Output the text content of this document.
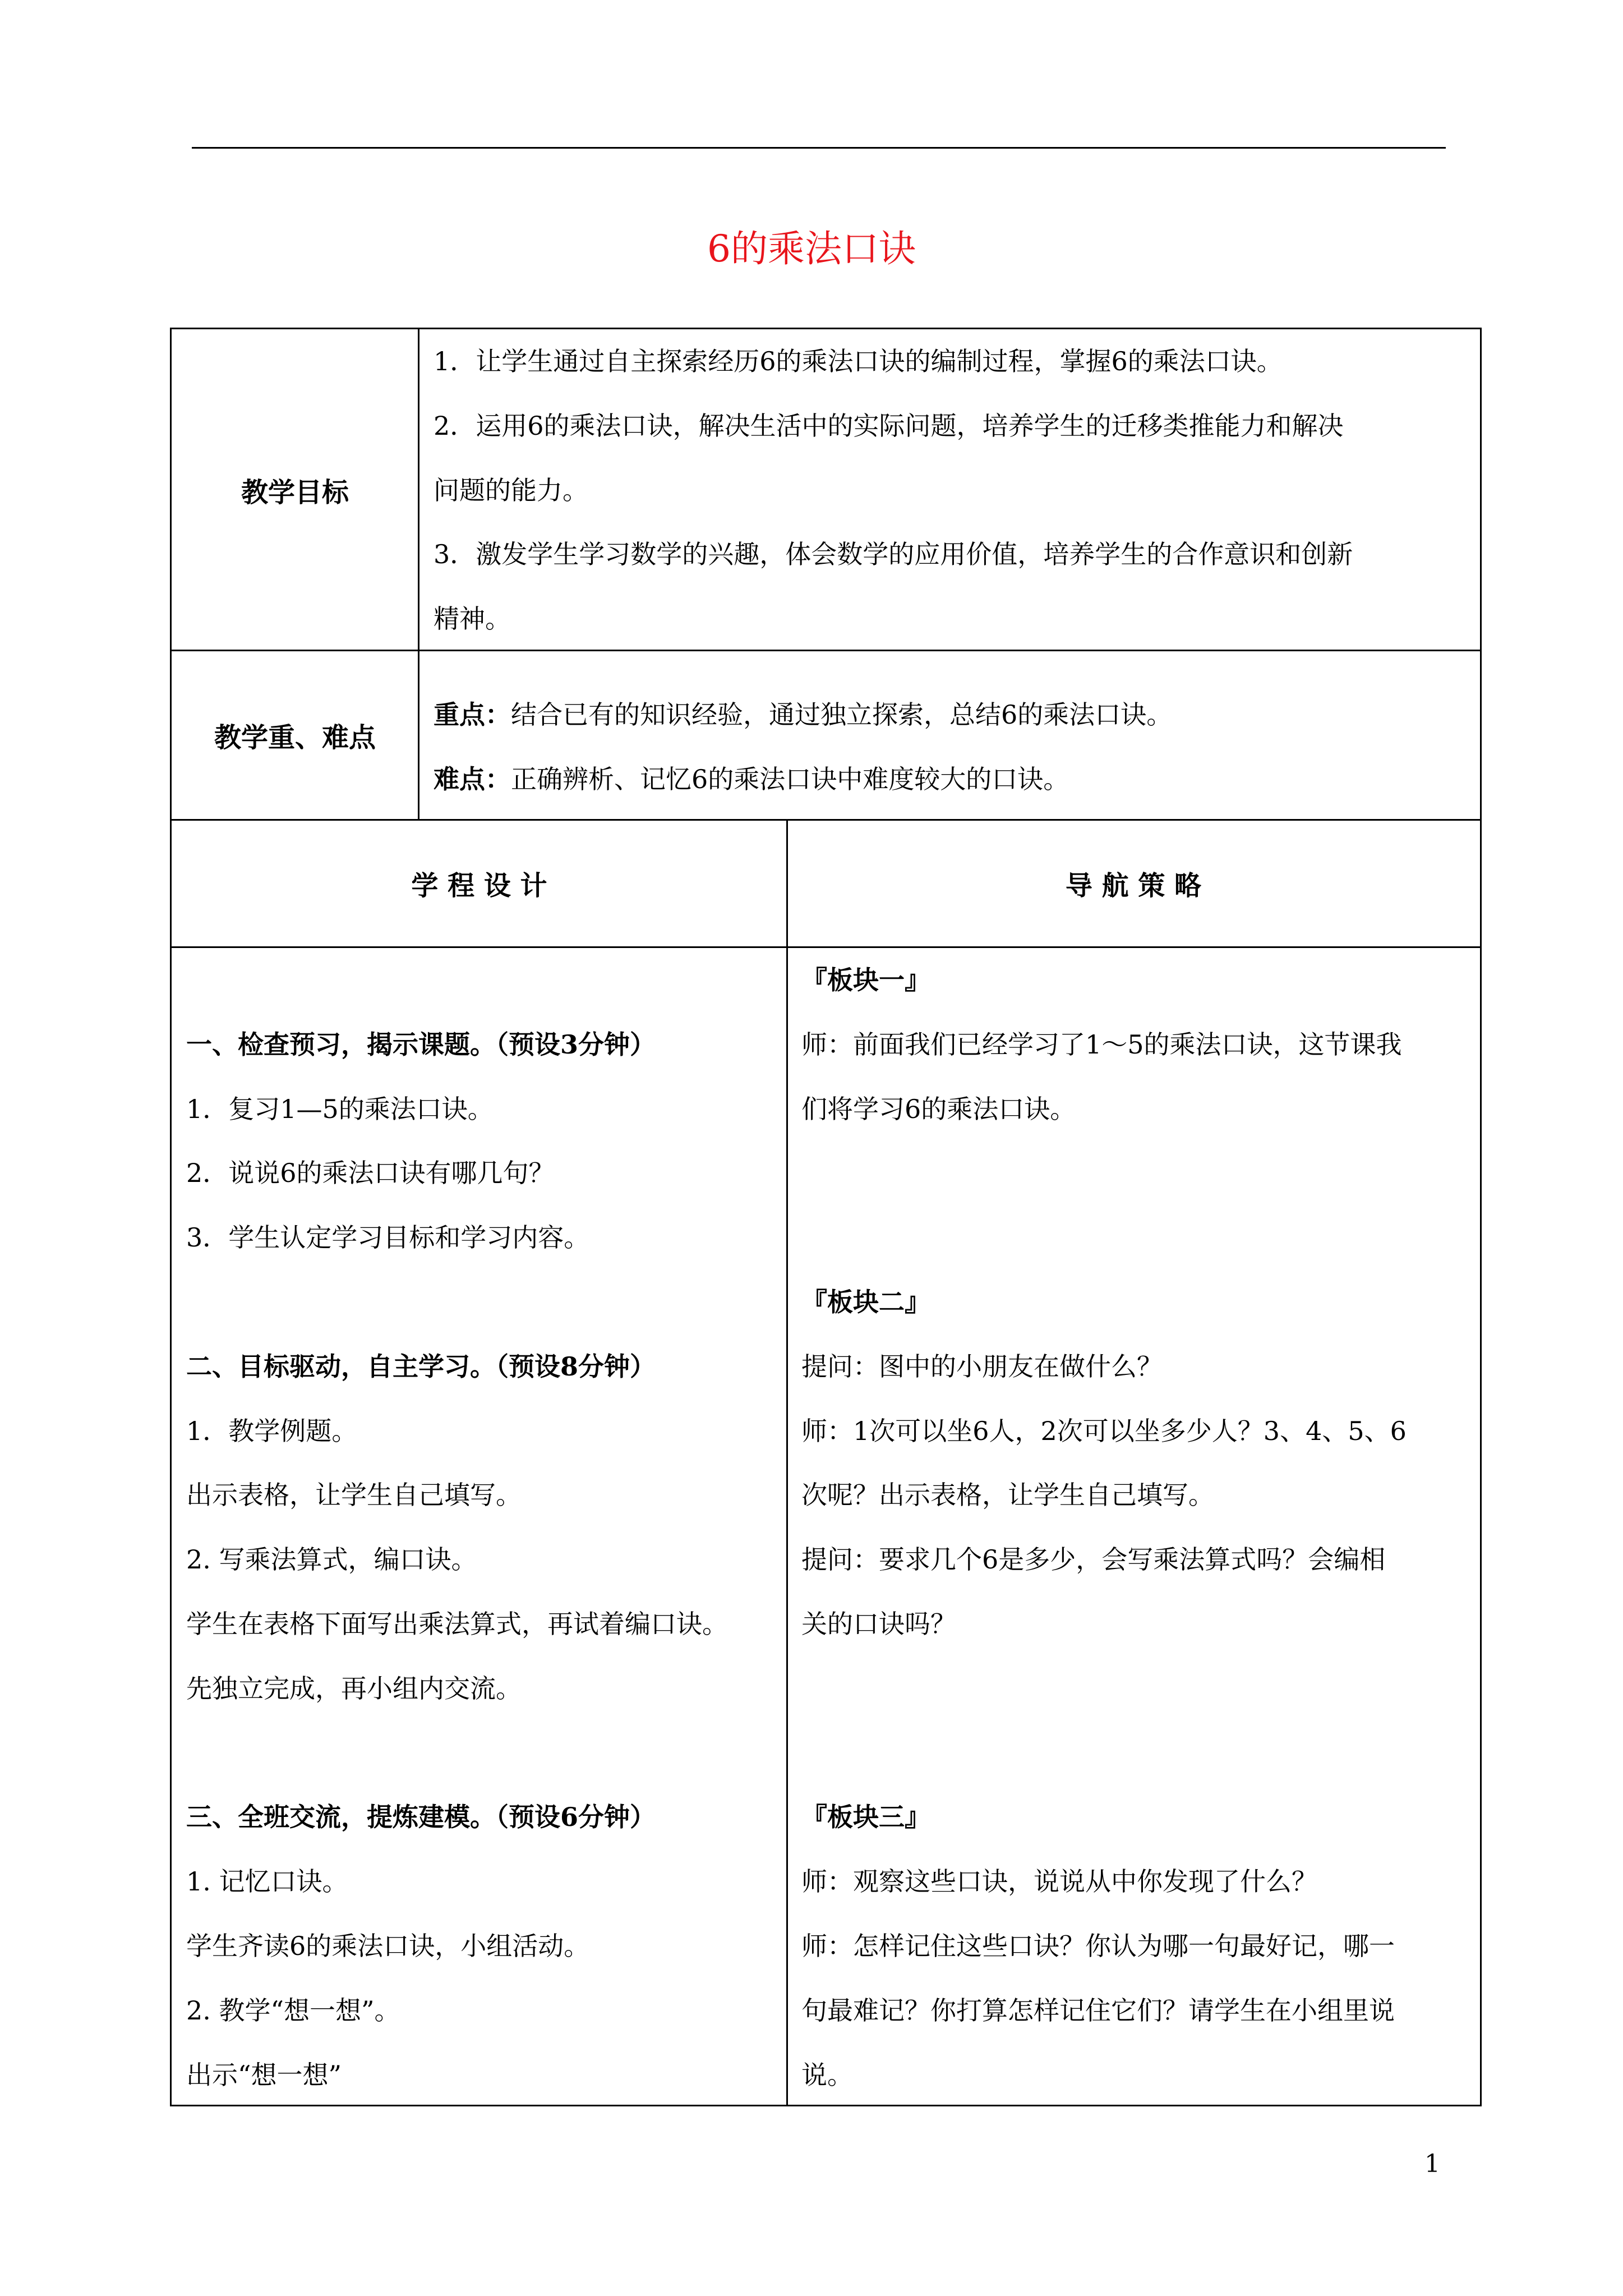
6的乘法口诀
教学目标
1．让学生通过自主探索经历6的乘法口诀的编制过程，掌握6的乘法口诀。
2．运用6的乘法口诀，解决生活中的实际问题，培养学生的迁移类推能力和解决
问题的能力。
3．激发学生学习数学的兴趣，体会数学的应用价值，培养学生的合作意识和创新
精神。
教学重、难点
重点：结合已有的知识经验，通过独立探索，总结6的乘法口诀。
难点：正确辨析、记忆6的乘法口诀中难度较大的口诀。
学 程 设 计	导 航 策 略
一、检查预习，揭示课题。（预设3分钟）
1．复习1—5的乘法口诀。
2．说说6的乘法口诀有哪几句？
3．学生认定学习目标和学习内容。
二、目标驱动，自主学习。（预设8分钟）
1．教学例题。
出示表格，让学生自己填写。
2. 写乘法算式，编口诀。
学生在表格下面写出乘法算式，再试着编口诀。
先独立完成，再小组内交流。
三、全班交流，提炼建模。（预设6分钟）
1. 记忆口诀。
学生齐读6的乘法口诀，小组活动。
2. 教学“想一想”。
出示“想一想”
『板块一』
师：前面我们已经学习了1～5的乘法口诀，这节课我
们将学习6的乘法口诀。
『板块二』
提问：图中的小朋友在做什么？
师：1次可以坐6人，2次可以坐多少人？3、4、5、6
次呢？出示表格，让学生自己填写。
提问：要求几个6是多少，会写乘法算式吗？会编相
关的口诀吗？
『板块三』
师：观察这些口诀，说说从中你发现了什么？
师：怎样记住这些口诀？你认为哪一句最好记，哪一
句最难记？你打算怎样记住它们？请学生在小组里说
说。
1
